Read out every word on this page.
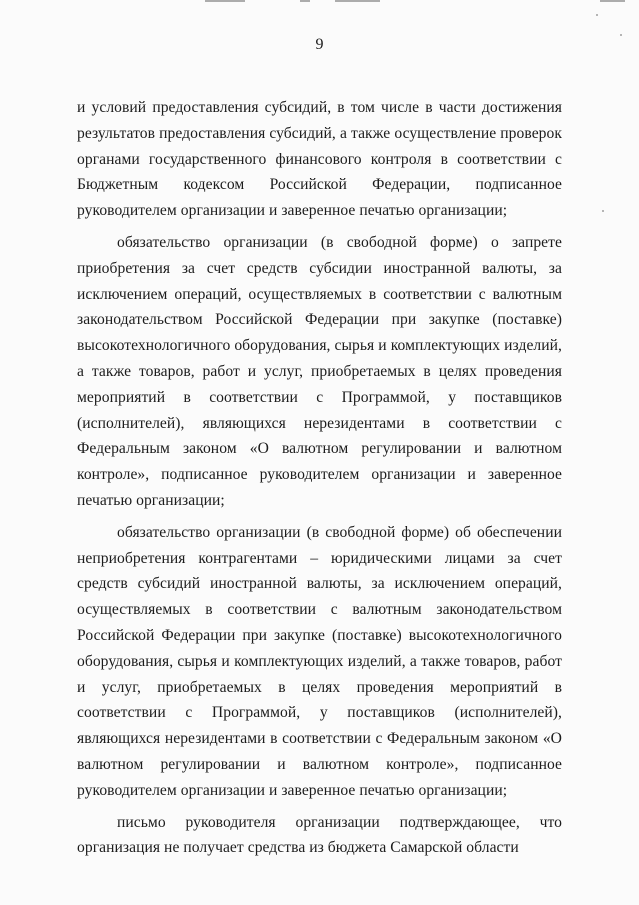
9

и условий предоставления субсидий, в том числе в части достижения результатов предоставления субсидий, а также осуществление проверок органами государственного финансового контроля в соответствии с Бюджетным кодексом Российской Федерации, подписанное руководителем организации и заверенное печатью организации;

обязательство организации (в свободной форме) о запрете приобретения за счет средств субсидии иностранной валюты, за исключением операций, осуществляемых в соответствии с валютным законодательством Российской Федерации при закупке (поставке) высокотехнологичного оборудования, сырья и комплектующих изделий, а также товаров, работ и услуг, приобретаемых в целях проведения мероприятий в соответствии с Программой, у поставщиков (исполнителей), являющихся нерезидентами в соответствии с Федеральным законом «О валютном регулировании и валютном контроле», подписанное руководителем организации и заверенное печатью организации;

обязательство организации (в свободной форме) об обеспечении неприобретения контрагентами – юридическими лицами за счет средств субсидий иностранной валюты, за исключением операций, осуществляемых в соответствии с валютным законодательством Российской Федерации при закупке (поставке) высокотехнологичного оборудования, сырья и комплектующих изделий, а также товаров, работ и услуг, приобретаемых в целях проведения мероприятий в соответствии с Программой, у поставщиков (исполнителей), являющихся нерезидентами в соответствии с Федеральным законом «О валютном регулировании и валютном контроле», подписанное руководителем организации и заверенное печатью организации;

письмо руководителя организации подтверждающее, что организация не получает средства из бюджета Самарской области
